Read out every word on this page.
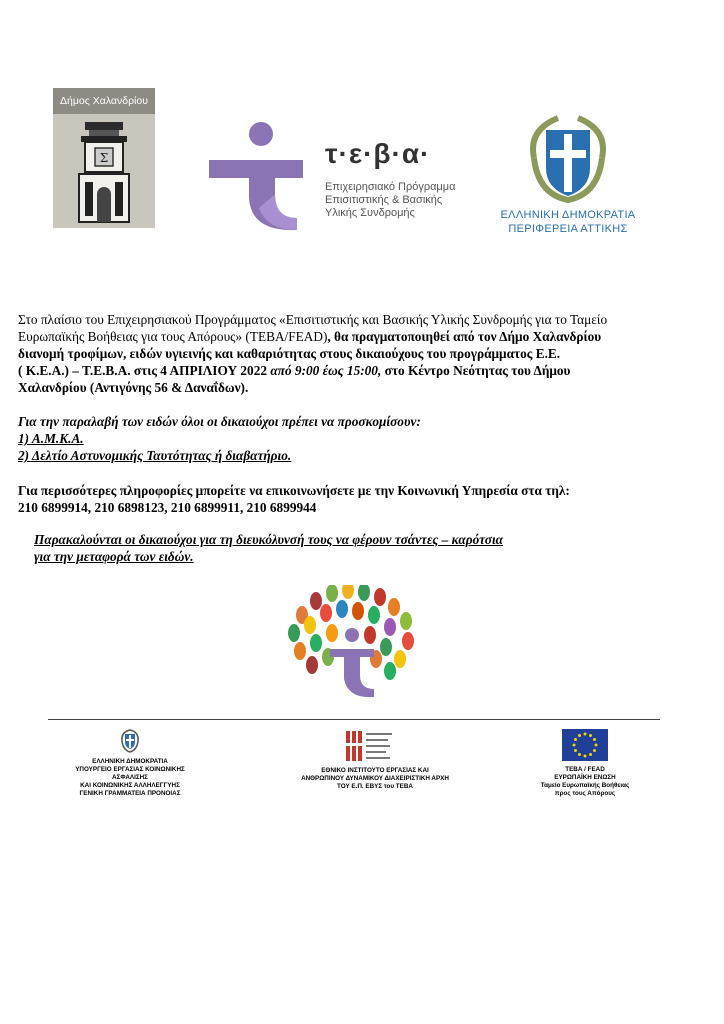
Δήμος Χαλανδρίου
Σ	τ·ε·β·α·
Επιχειρησιακό Πρόγραμμα
Επισιτιστικής & Βασικής
Υλικής Συνδρομής	ΕΛΛΗΝΙΚΗ ΔΗΜΟΚΡΑΤΙΑ
ΠΕΡΙΦΕΡΕΙΑ ΑΤΤΙΚΗΣ
Στο πλαίσιο του Επιχειρησιακού Προγράμματος «Επισιτιστικής και Βασικής Υλικής Συνδρομής για το Ταμείο
Ευρωπαϊκής Βοήθειας για τους Απόρους» (ΤΕΒΑ/FEAD), θα πραγματοποιηθεί από τον Δήμο Χαλανδρίου
διανομή τροφίμων, ειδών υγιεινής και καθαριότητας στους δικαιούχους του προγράμματος Ε.Ε.
( Κ.Ε.Α.) – Τ.Ε.Β.Α. στις 4 ΑΠΡΙΛΙΟΥ 2022 από 9:00 έως 15:00, στο Κέντρο Νεότητας του Δήμου
Χαλανδρίου (Αντιγόνης 56 & Δαναΐδων).
Για την παραλαβή των ειδών όλοι οι δικαιούχοι πρέπει να προσκομίσουν:
1) Α.Μ.Κ.Α.
2) Δελτίο Αστυνομικής Ταυτότητας ή διαβατήριο.
Για περισσότερες πληροφορίες μπορείτε να επικοινωνήσετε με την Κοινωνική Υπηρεσία στα τηλ:
210 6899914, 210 6898123, 210 6899911, 210 6899944
Παρακαλούνται οι δικαιούχοι για τη διευκόλυνσή τους να φέρουν τσάντες – καρότσια
για την μεταφορά των ειδών.
ΕΛΛΗΝΙΚΗ ΔΗΜΟΚΡΑΤΙΑ
ΥΠΟΥΡΓΕΙΟ ΕΡΓΑΣΙΑΣ ΚΟΙΝΩΝΙΚΗΣ ΑΣΦΑΛΙΣΗΣ
ΚΑΙ ΚΟΙΝΩΝΙΚΗΣ ΑΛΛΗΛΕΓΓΥΗΣ
ΓΕΝΙΚΗ ΓΡΑΜΜΑΤΕΙΑ ΠΡΟΝΟΙΑΣ
ΕΘΝΙΚΟ ΙΝΣΤΙΤΟΥΤΟ ΕΡΓΑΣΙΑΣ ΚΑΙ
ΑΝΘΡΩΠΙΝΟΥ ΔΥΝΑΜΙΚΟΥ ΔΙΑΧΕΙΡΙΣΤΙΚΗ ΑΡΧΗ
ΤΟΥ Ε.Π. ΕΒΥΣ του ΤΕΒΑ
ΤΕΒΑ / FEAD
ΕΥΡΩΠΑΪΚΗ ΕΝΩΣΗ
Ταμείο Ευρωπαϊκής Βοήθειας
προς τους Απόρους
